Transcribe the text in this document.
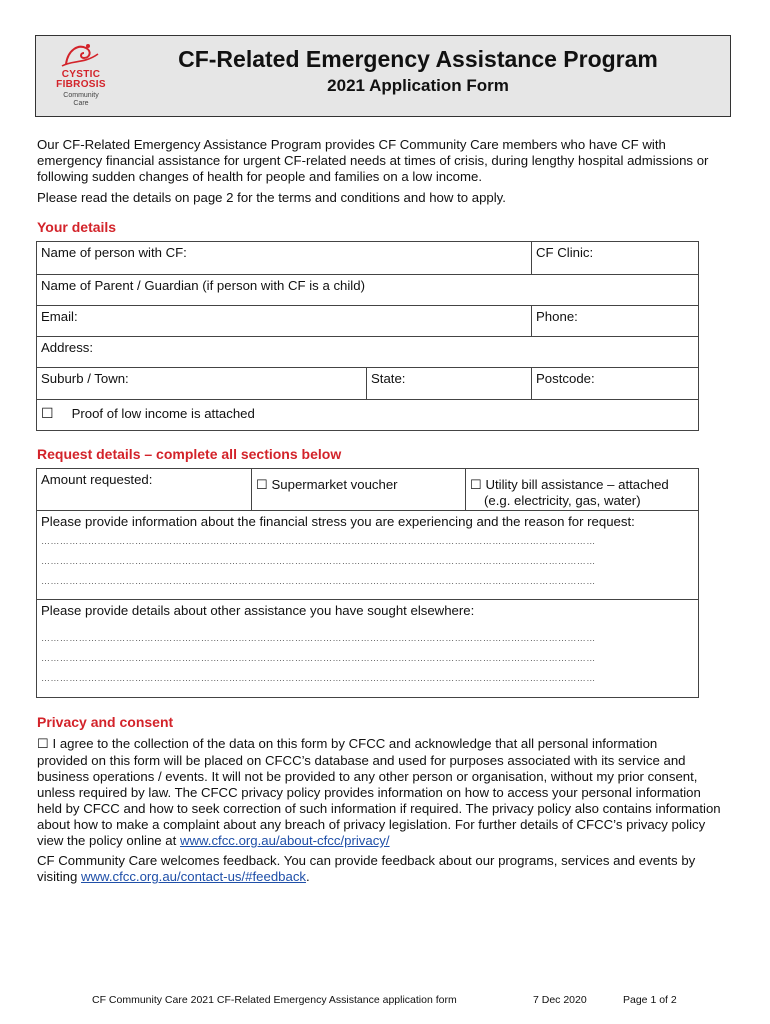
CYSTIC
FIBROSIS
Community
Care
CF-Related Emergency Assistance Program
2021 Application Form
Our CF-Related Emergency Assistance Program provides CF Community Care members who have CF with emergency financial assistance for urgent CF-related needs at times of crisis, during lengthy hospital admissions or following sudden changes of health for people and families on a low income.
Please read the details on page 2 for the terms and conditions and how to apply.
Your details
Name of person with CF:		CF Clinic:
Name of Parent / Guardian (if person with CF is a child)		
Email:		Phone:
Address:		
Suburb / Town:	State:	Postcode:
☐ Proof of low income is attached		
Request details – complete all sections below
Amount requested:	☐ Supermarket voucher	☐ Utility bill assistance – attached
(e.g. electricity, gas, water)

Please provide information about the financial stress you are experiencing and the reason for request:
……………………………………………………………………………………………………………………………………………………………
……………………………………………………………………………………………………………………………………………………………
……………………………………………………………………………………………………………………………………………………………

Please provide details about other assistance you have sought elsewhere:
……………………………………………………………………………………………………………………………………………………………
……………………………………………………………………………………………………………………………………………………………
……………………………………………………………………………………………………………………………………………………………
Privacy and consent
☐ I agree to the collection of the data on this form by CFCC and acknowledge that all personal information
provided on this form will be placed on CFCC’s database and used for purposes associated with its service and business operations / events. It will not be provided to any other person or organisation, without my prior consent, unless required by law. The CFCC privacy policy provides information on how to access your personal information held by CFCC and how to seek correction of such information if required. The privacy policy also contains information about how to make a complaint about any breach of privacy legislation. For further details of CFCC’s privacy policy view the policy online at www.cfcc.org.au/about-cfcc/privacy/
CF Community Care welcomes feedback. You can provide feedback about our programs, services and events by visiting www.cfcc.org.au/contact-us/#feedback.
CF Community Care 2021 CF-Related Emergency Assistance application form	7 Dec 2020	Page 1 of 2
